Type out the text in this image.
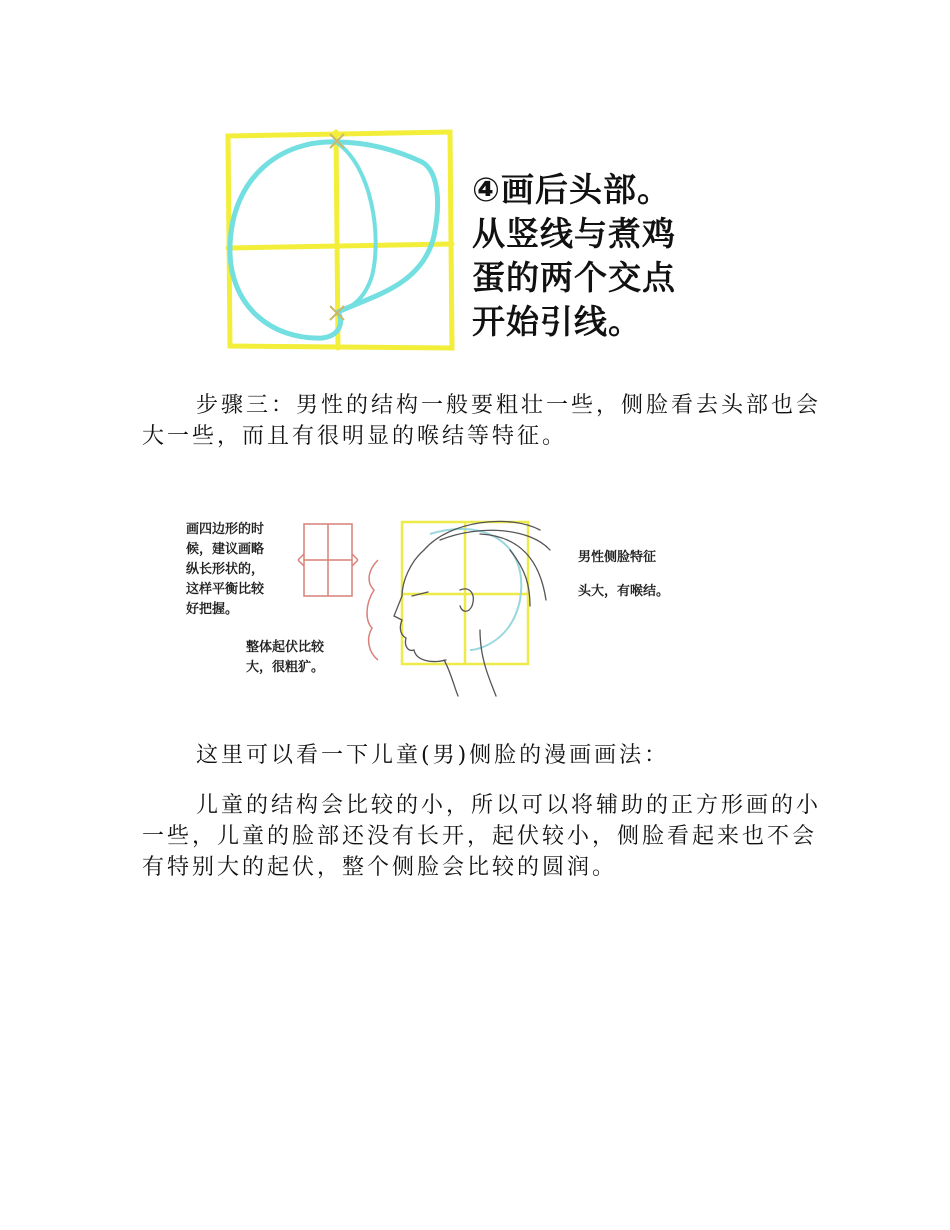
④画后头部。
从竖线与煮鸡
蛋的两个交点
开始引线。

步骤三：男性的结构一般要粗壮一些，侧脸看去头部也会大一些，而且有很明显的喉结等特征。

画四边形的时
候，建议画略
纵长形状的，
这样平衡比较
好把握。
整体起伏比较
大，很粗犷。
男性侧脸特征
头大，有喉结。

这里可以看一下儿童(男)侧脸的漫画画法：

儿童的结构会比较的小，所以可以将辅助的正方形画的小一些，儿童的脸部还没有长开，起伏较小，侧脸看起来也不会有特别大的起伏，整个侧脸会比较的圆润。
